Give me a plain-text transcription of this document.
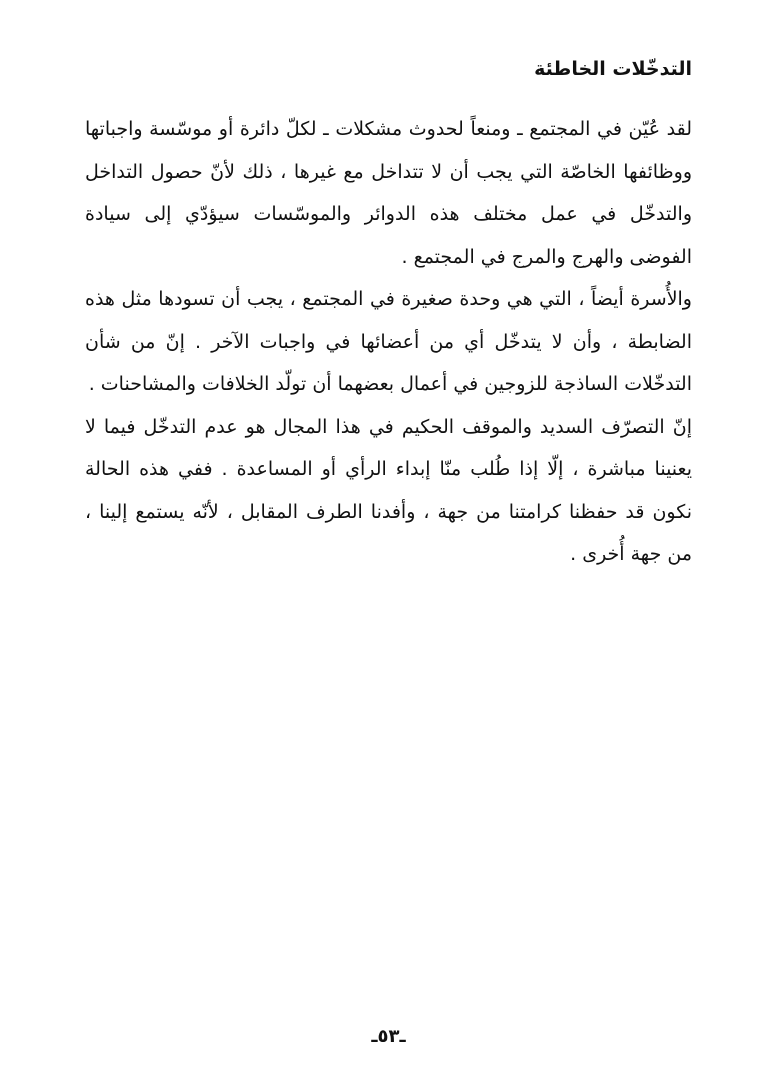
التدخّلات الخاطئة

لقد عُيّن في المجتمع ـ ومنعاً لحدوث مشكلات ـ لكلّ دائرة أو موسّسة واجباتها ووظائفها الخاصّة التي يجب أن لا تتداخل مع غيرها ، ذلك لأنّ حصول التداخل والتدخّل في عمل مختلف هذه الدوائر والموسّسات سيؤدّي إلى سيادة الفوضى والهرج والمرج في المجتمع .

والأُسرة أيضاً ، التي هي وحدة صغيرة في المجتمع ، يجب أن تسودها مثل هذه الضابطة ، وأن لا يتدخّل أي من أعضائها في واجبات الآخر . إنّ من شأن التدخّلات الساذجة للزوجين في أعمال بعضهما أن تولّد الخلافات والمشاحنات .

إنّ التصرّف السديد والموقف الحكيم في هذا المجال هو عدم التدخّل فيما لا يعنينا مباشرة ، إلّا إذا طُلب منّا إبداء الرأي أو المساعدة . ففي هذه الحالة نكون قد حفظنا كرامتنا من جهة ، وأفدنا الطرف المقابل ، لأنّه يستمع إلينا ، من جهة أُخرى .

ـ٥٣ـ
